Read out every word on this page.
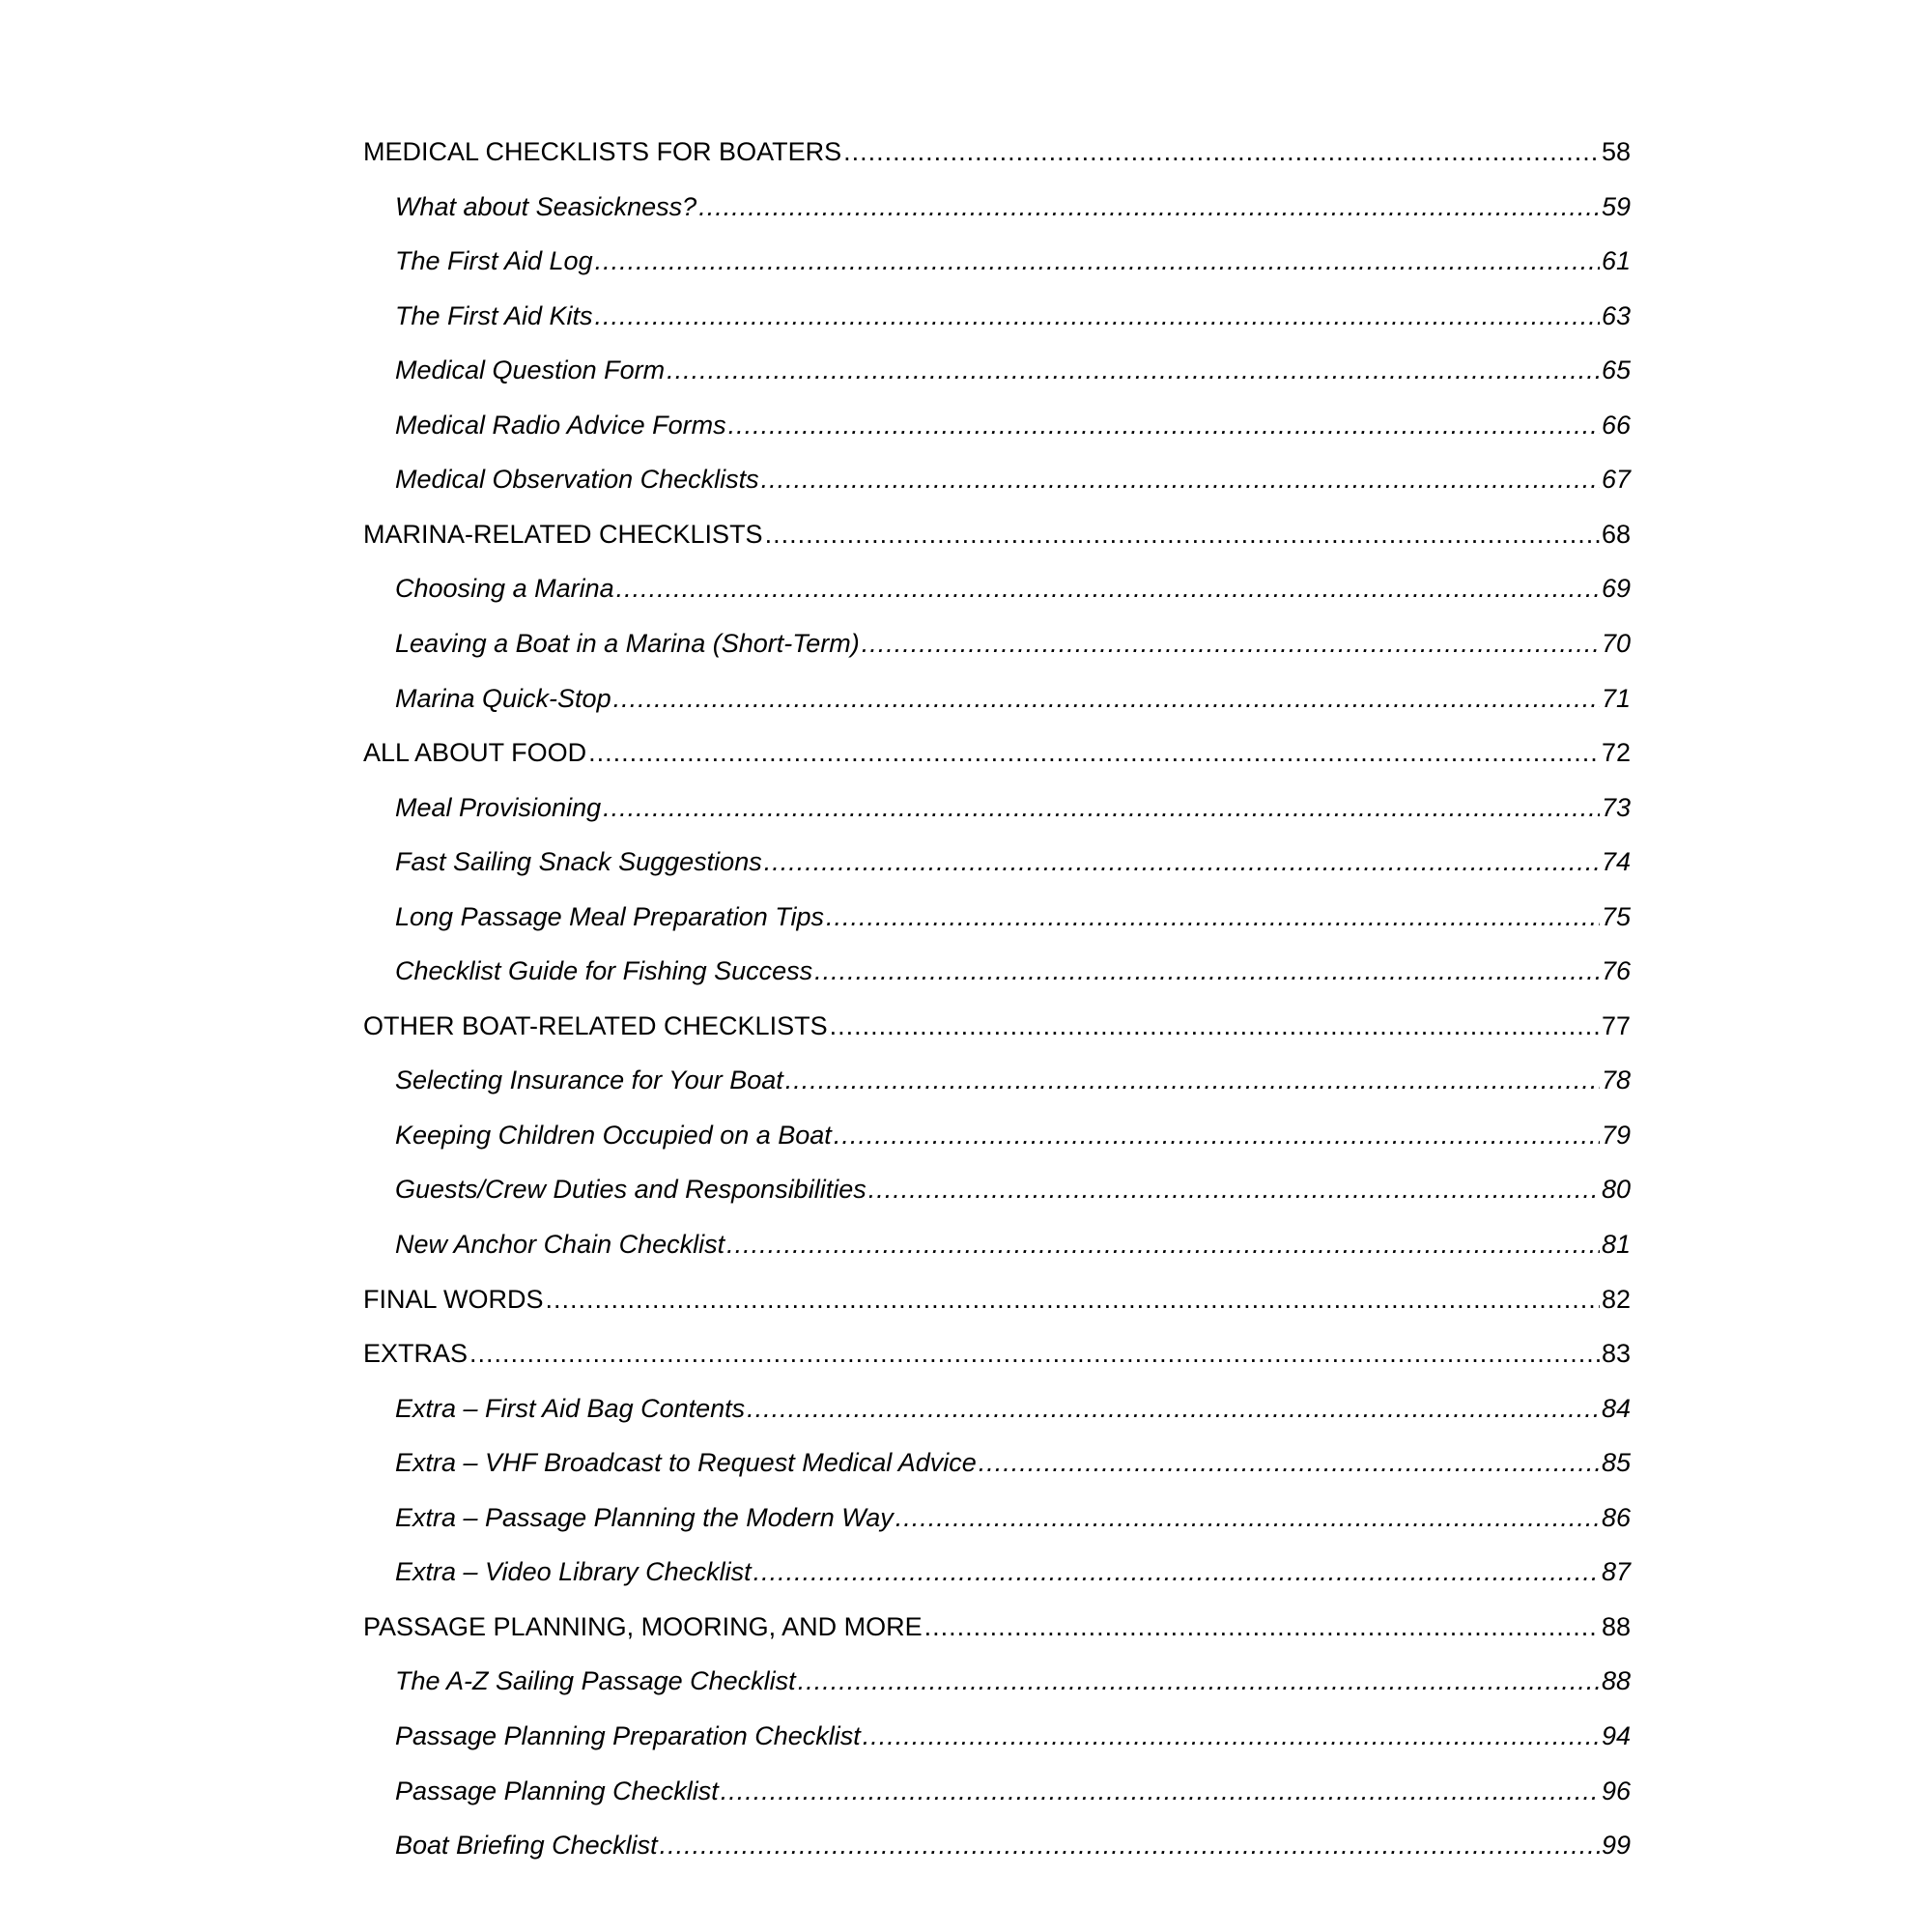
MEDICAL CHECKLISTS FOR BOATERS .....	58
What about Seasickness? .....	59
The First Aid Log .....	61
The First Aid Kits .....	63
Medical Question Form .....	65
Medical Radio Advice Forms .....	66
Medical Observation Checklists .....	67
MARINA-RELATED CHECKLISTS .....	68
Choosing a Marina .....	69
Leaving a Boat in a Marina (Short-Term) .....	70
Marina Quick-Stop .....	71
ALL ABOUT FOOD .....	72
Meal Provisioning .....	73
Fast Sailing Snack Suggestions .....	74
Long Passage Meal Preparation Tips .....	75
Checklist Guide for Fishing Success .....	76
OTHER BOAT-RELATED CHECKLISTS .....	77
Selecting Insurance for Your Boat .....	78
Keeping Children Occupied on a Boat .....	79
Guests/Crew Duties and Responsibilities .....	80
New Anchor Chain Checklist .....	81
FINAL WORDS .....	82
EXTRAS .....	83
Extra – First Aid Bag Contents .....	84
Extra – VHF Broadcast to Request Medical Advice .....	85
Extra – Passage Planning the Modern Way .....	86
Extra – Video Library Checklist .....	87
PASSAGE PLANNING, MOORING, AND MORE .....	88
The A-Z Sailing Passage Checklist .....	88
Passage Planning Preparation Checklist .....	94
Passage Planning Checklist .....	96
Boat Briefing Checklist .....	99
